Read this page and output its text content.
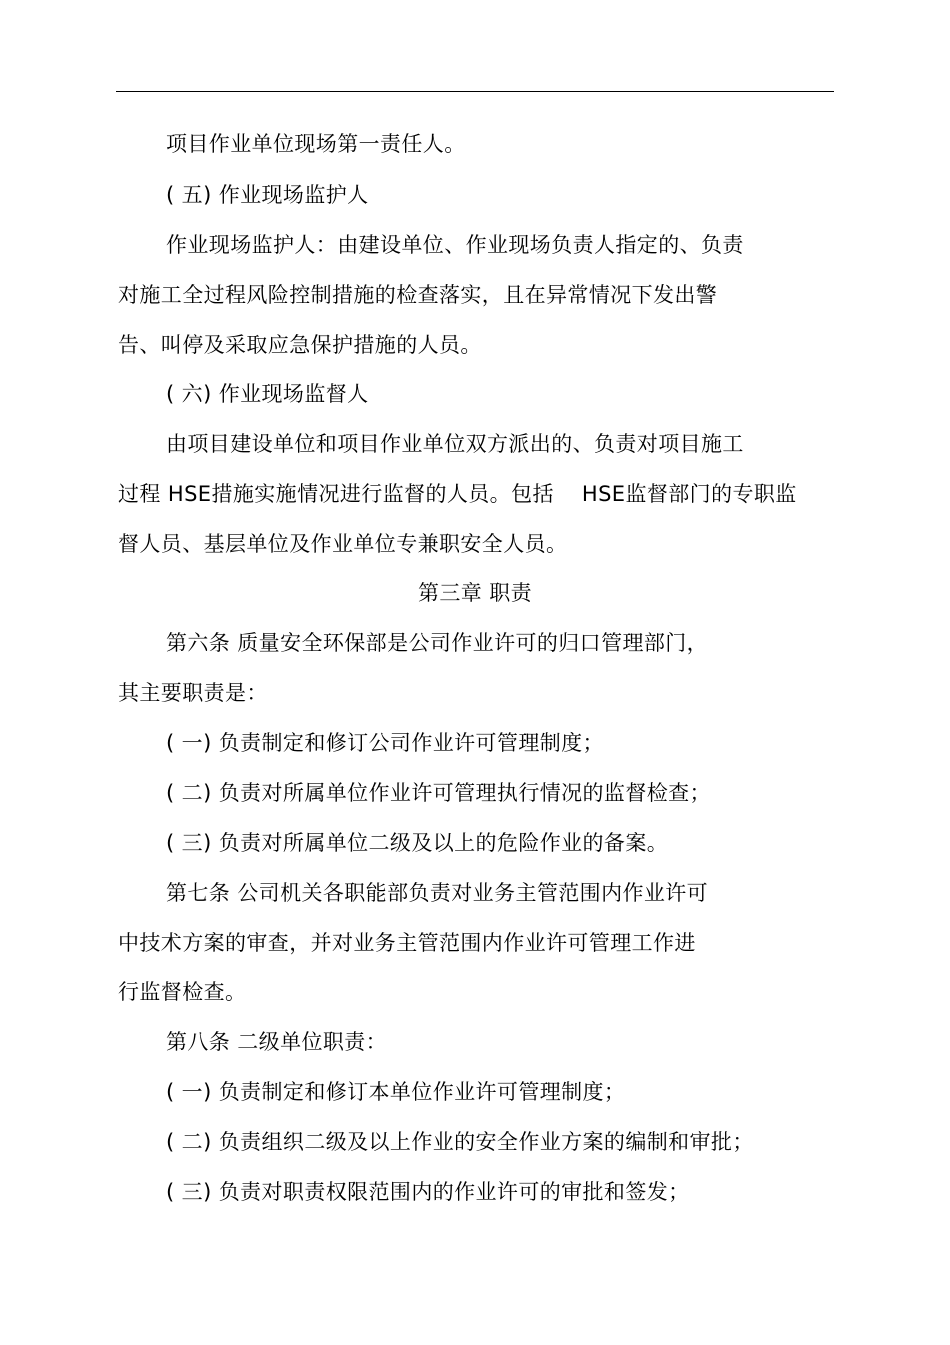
项目作业单位现场第一责任人。
( 五) 作业现场监护人
作业现场监护人：由建设单位、作业现场负责人指定的、负责
对施工全过程风险控制措施的检查落实，且在异常情况下发出警
告、叫停及采取应急保护措施的人员。
( 六) 作业现场监督人
由项目建设单位和项目作业单位双方派出的、负责对项目施工
过程 HSE措施实施情况进行监督的人员。包括 HSE监督部门的专职监
督人员、基层单位及作业单位专兼职安全人员。
第三章 职责
第六条 质量安全环保部是公司作业许可的归口管理部门，
其主要职责是：
( 一) 负责制定和修订公司作业许可管理制度；
( 二) 负责对所属单位作业许可管理执行情况的监督检查；
( 三) 负责对所属单位二级及以上的危险作业的备案。
第七条 公司机关各职能部负责对业务主管范围内作业许可
中技术方案的审查，并对业务主管范围内作业许可管理工作进
行监督检查。
第八条 二级单位职责：
( 一) 负责制定和修订本单位作业许可管理制度；
( 二) 负责组织二级及以上作业的安全作业方案的编制和审批；
( 三) 负责对职责权限范围内的作业许可的审批和签发；
